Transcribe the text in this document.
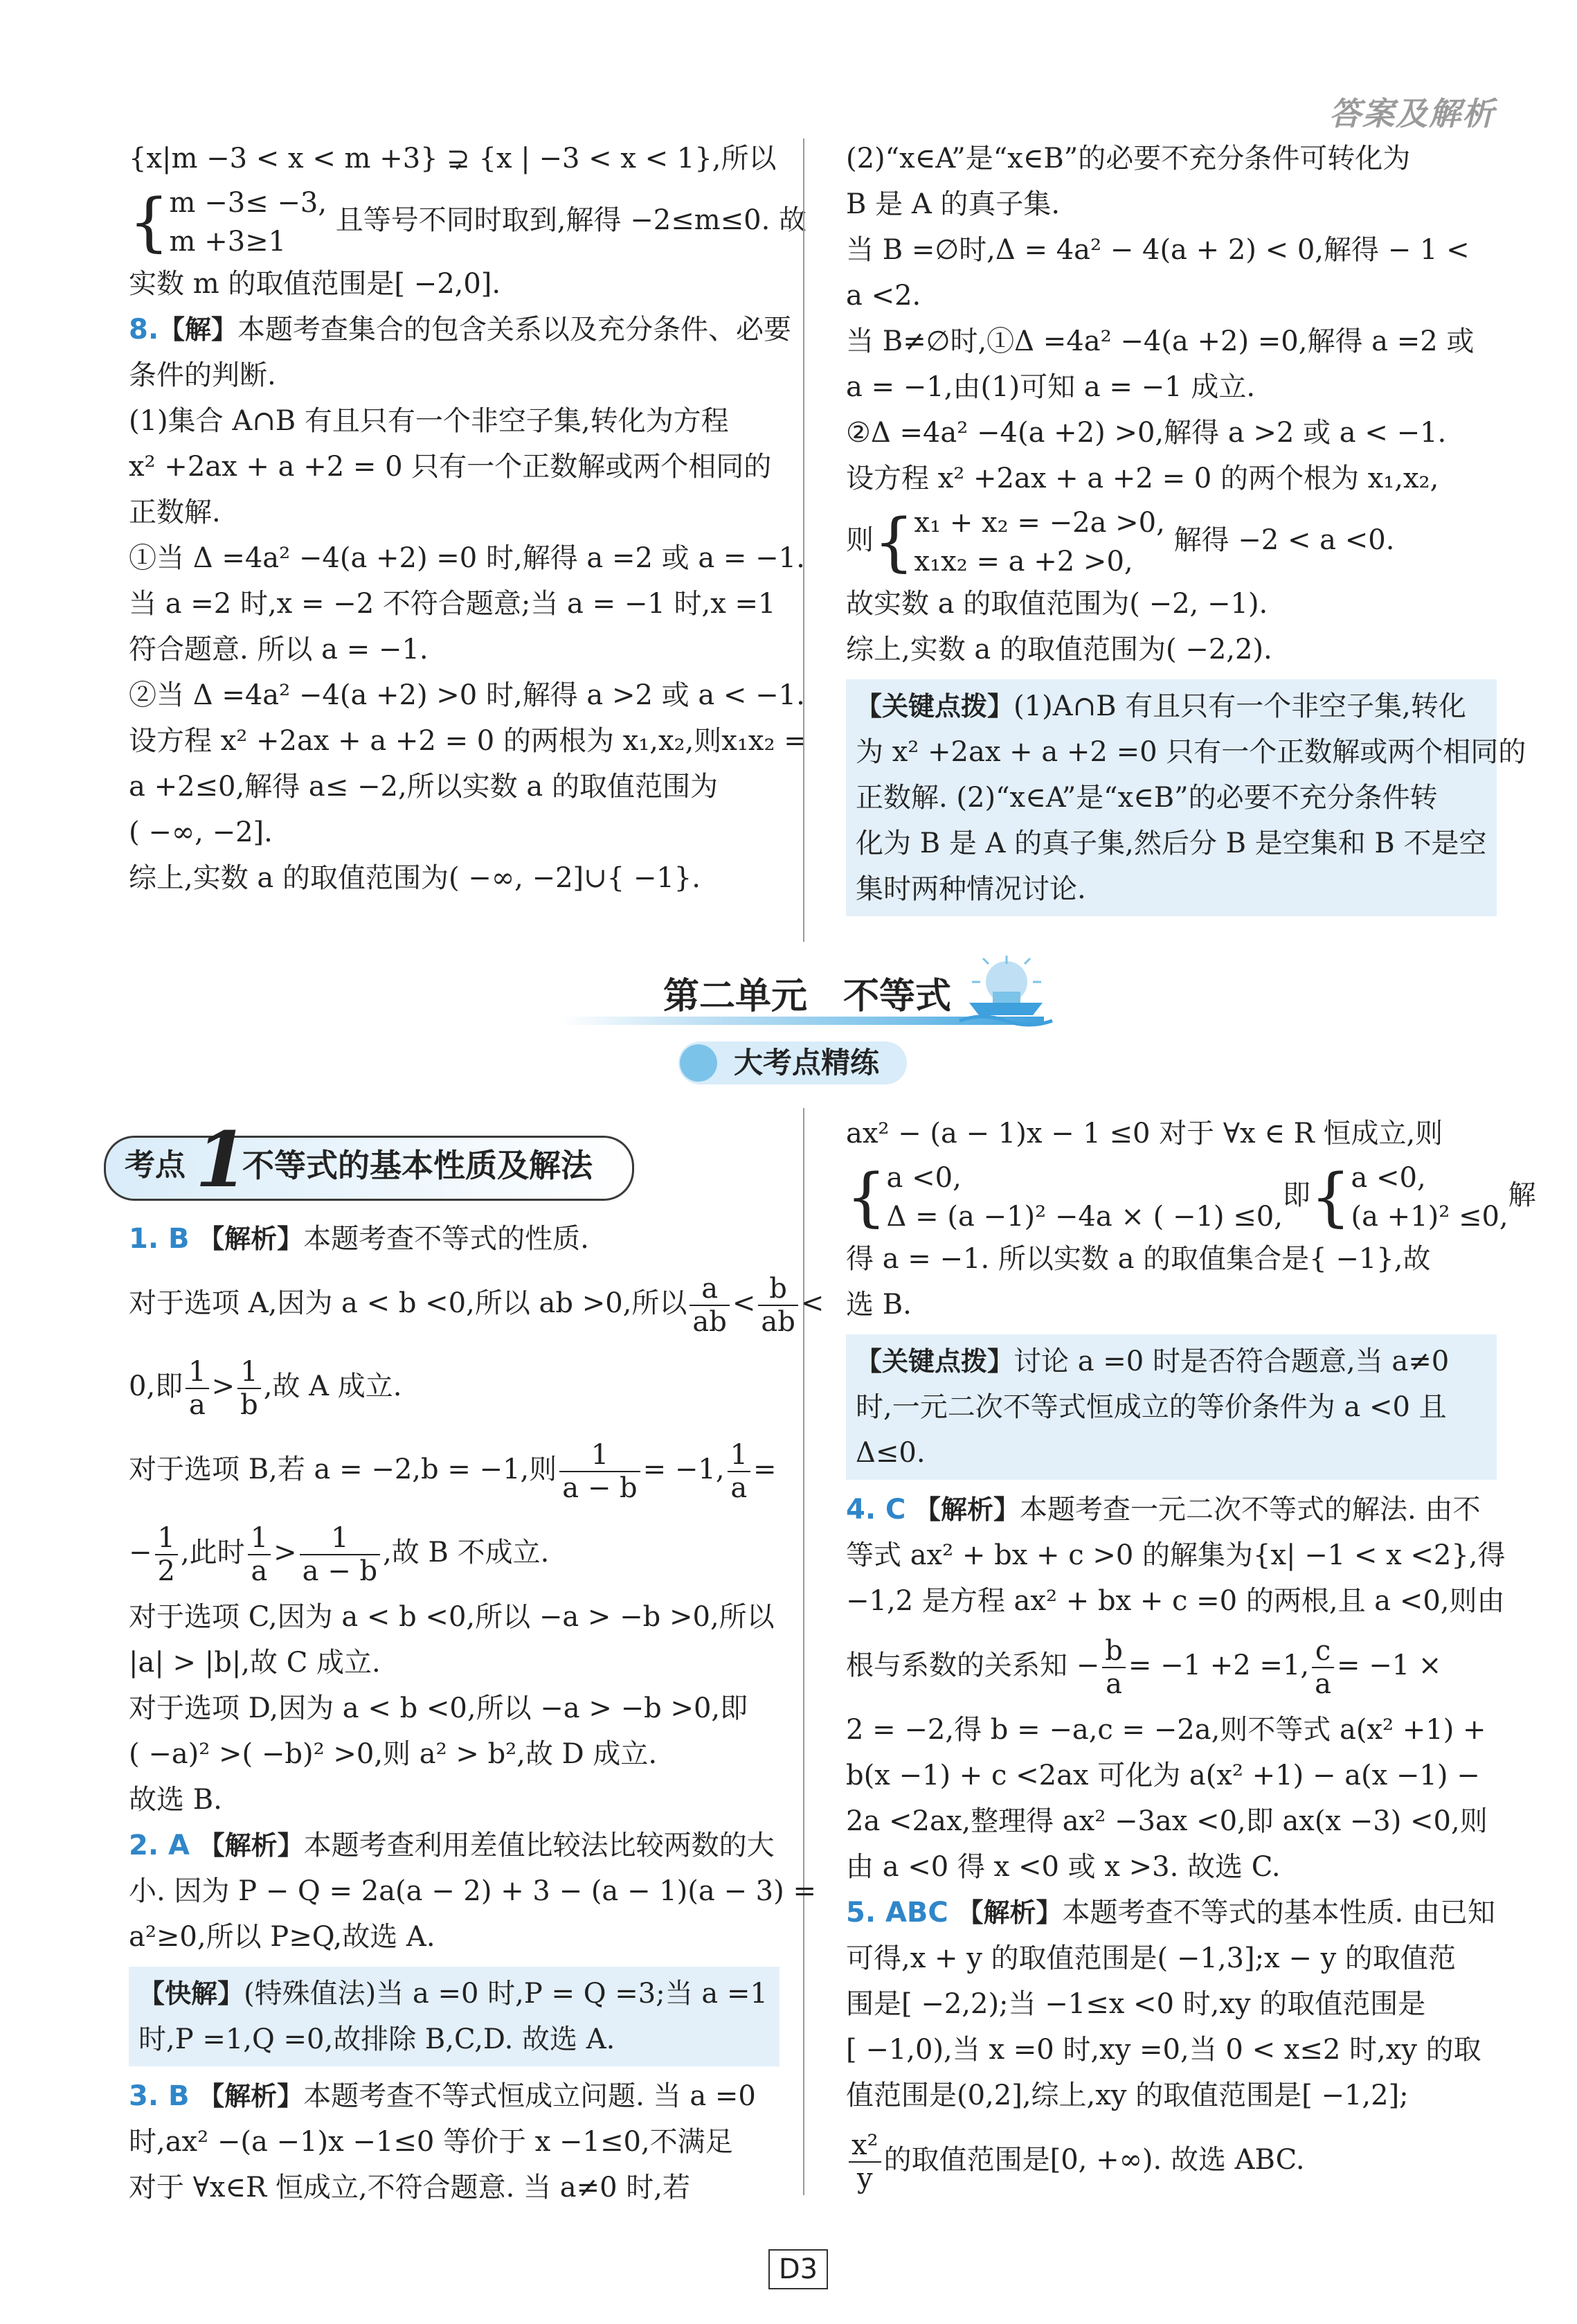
答案及解析
{x|m −3 < x < m +3} ⊋ {x | −3 < x < 1},所以
{ m −3≤ −3,
m +3≥1
且等号不同时取到,解得 −2≤m≤0. 故
实数 m 的取值范围是[ −2,0].
8.【解】本题考查集合的包含关系以及充分条件、必要
条件的判断.
(1)集合 A∩B 有且只有一个非空子集,转化为方程
x² +2ax + a +2 = 0 只有一个正数解或两个相同的
正数解.
①当 Δ =4a² −4(a +2) =0 时,解得 a =2 或 a = −1.
当 a =2 时,x = −2 不符合题意;当 a = −1 时,x =1
符合题意. 所以 a = −1.
②当 Δ =4a² −4(a +2) >0 时,解得 a >2 或 a < −1.
设方程 x² +2ax + a +2 = 0 的两根为 x₁,x₂,则x₁x₂ =
a +2≤0,解得 a≤ −2,所以实数 a 的取值范围为
( −∞, −2].
综上,实数 a 的取值范围为( −∞, −2]∪{ −1}.
(2)“x∈A”是“x∈B”的必要不充分条件可转化为
B 是 A 的真子集.
当 B =∅时,Δ = 4a² − 4(a + 2) < 0,解得 − 1 <
a <2.
当 B≠∅时,①Δ =4a² −4(a +2) =0,解得 a =2 或
a = −1,由(1)可知 a = −1 成立.
②Δ =4a² −4(a +2) >0,解得 a >2 或 a < −1.
设方程 x² +2ax + a +2 = 0 的两个根为 x₁,x₂,
则{ x₁ + x₂ = −2a >0,
x₁x₂ = a +2 >0,
解得 −2 < a <0.
故实数 a 的取值范围为( −2, −1).
综上,实数 a 的取值范围为( −2,2).
【关键点拨】(1)A∩B 有且只有一个非空子集,转化
为 x² +2ax + a +2 =0 只有一个正数解或两个相同的
正数解. (2)“x∈A”是“x∈B”的必要不充分条件转
化为 B 是 A 的真子集,然后分 B 是空集和 B 不是空
集时两种情况讨论.
第二单元　不等式
大考点精练
考点 1
不等式的基本性质及解法
1. B 【解析】本题考查不等式的性质.
对于选项 A,因为 a < b <0,所以 ab >0,所以 $\frac{a}{ab} < \frac{b}{ab}$ <
0,即 $\frac{1}{a} > \frac{1}{b}$ ,故 A 成立.
对于选项 B,若 a = −2,b = −1,则 $\frac{1}{a - b} = -1$, $\frac{1}{a}$ =
− $\frac{1}{2}$ ,此时 $\frac{1}{a} > \frac{1}{a - b}$ ,故 B 不成立.
对于选项 C,因为 a < b <0,所以 −a > −b >0,所以
|a| > |b|,故 C 成立.
对于选项 D,因为 a < b <0,所以 −a > −b >0,即
( −a)² >( −b)² >0,则 a² > b²,故 D 成立.
故选 B.
2. A 【解析】本题考查利用差值比较法比较两数的大
小. 因为 P − Q = 2a(a − 2) + 3 − (a − 1)(a − 3) =
a²≥0,所以 P≥Q,故选 A.
【快解】(特殊值法)当 a =0 时,P = Q =3;当 a =1
时,P =1,Q =0,故排除 B,C,D. 故选 A.
3. B 【解析】本题考查不等式恒成立问题. 当 a =0
时,ax² −(a −1)x −1≤0 等价于 x −1≤0,不满足
对于 ∀x∈R 恒成立,不符合题意. 当 a≠0 时,若
ax² − (a − 1)x − 1 ≤0 对于 ∀x ∈ R 恒成立,则
{ a <0,
Δ = (a −1)² −4a × ( −1) ≤0,
即{ a <0,
(a +1)² ≤0,
解
得 a = −1. 所以实数 a 的取值集合是{ −1},故
选 B.
【关键点拨】讨论 a =0 时是否符合题意,当 a≠0
时,一元二次不等式恒成立的等价条件为 a <0 且
Δ≤0.
4. C 【解析】本题考查一元二次不等式的解法. 由不
等式 ax² + bx + c >0 的解集为{x| −1 < x <2},得
−1,2 是方程 ax² + bx + c =0 的两根,且 a <0,则由
根与系数的关系知 − $\frac{b}{a} = -1 +2 =1$, $\frac{c}{a} = -1$ ×
2 = −2,得 b = −a,c = −2a,则不等式 a(x² +1) +
b(x −1) + c <2ax 可化为 a(x² +1) − a(x −1) −
2a <2ax,整理得 ax² −3ax <0,即 ax(x −3) <0,则
由 a <0 得 x <0 或 x >3. 故选 C.
5. ABC 【解析】本题考查不等式的基本性质. 由已知
可得,x + y 的取值范围是( −1,3];x − y 的取值范
围是[ −2,2);当 −1≤x <0 时,xy 的取值范围是
[ −1,0),当 x =0 时,xy =0,当 0 < x≤2 时,xy 的取
值范围是(0,2],综上,xy 的取值范围是[ −1,2];
$\frac{\text{x²}}{y}$ 的取值范围是[0, +∞). 故选 ABC.
D3
